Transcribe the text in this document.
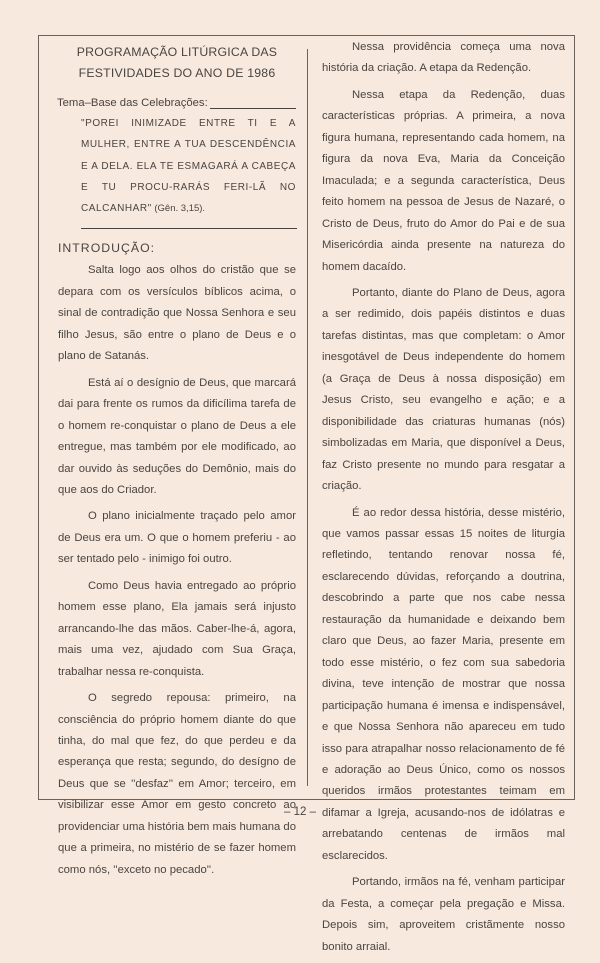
PROGRAMAÇÃO LITÚRGICA DAS
FESTIVIDADES DO ANO DE 1986
Tema–Base das Celebrações:
"POREI INIMIZADE ENTRE TI E A MULHER, ENTRE A TUA DESCENDÊNCIA E A DELA. ELA TE ESMAGARÁ A CABEÇA E TU PROCU-RARÁS FERI-LÃ NO CALCANHAR" (Gên. 3,15).
INTRODUÇÃO:

Salta logo aos olhos do cristão que se depara com os versículos bíblicos acima, o sinal de contradição que Nossa Senhora e seu filho Jesus, são entre o plano de Deus e o plano de Satanás.

Está aí o desígnio de Deus, que marcará dai para frente os rumos da dificílima tarefa de o homem re-conquistar o plano de Deus a ele entregue, mas também por ele modificado, ao dar ouvido às seduções do Demônio, mais do que aos do Criador.

O plano inicialmente traçado pelo amor de Deus era um. O que o homem preferiu - ao ser tentado pelo - inimigo foi outro.

Como Deus havia entregado ao próprio homem esse plano, Ela jamais será injusto arrancando-lhe das mãos. Caber-lhe-á, agora, mais uma vez, ajudado com Sua Graça, trabalhar nessa re-conquista.

O segredo repousa: primeiro, na consciência do próprio homem diante do que tinha, do mal que fez, do que perdeu e da esperança que resta; segundo, do desígno de Deus que se ''desfaz'' em Amor; terceiro, em visibilizar esse Amor em gesto concreto ao providenciar uma história bem mais humana do que a primeira, no mistério de se fazer homem como nós, ''exceto no pecado''.

Nessa providência começa uma nova história da criação. A etapa da Redenção.

Nessa etapa da Redenção, duas características próprias. A primeira, a nova figura humana, representando cada homem, na figura da nova Eva, Maria da Conceição Imaculada; e a segunda característica, Deus feito homem na pessoa de Jesus de Nazaré, o Cristo de Deus, fruto do Amor do Pai e de sua Misericórdia ainda presente na natureza do homem dacaído.

Portanto, diante do Plano de Deus, agora a ser redimido, dois papéis distintos e duas tarefas distintas, mas que completam: o Amor inesgotável de Deus independente do homem (a Graça de Deus à nossa disposição) em Jesus Cristo, seu evangelho e ação; e a disponibilidade das criaturas humanas (nós) simbolizadas em Maria, que disponível a Deus, faz Cristo presente no mundo para resgatar a criação.

É ao redor dessa história, desse mistério, que vamos passar essas 15 noites de liturgia refletindo, tentando renovar nossa fé, esclarecendo dúvidas, reforçando a doutrina, descobrindo a parte que nos cabe nessa restauração da humanidade e deixando bem claro que Deus, ao fazer Maria, presente em todo esse mistério, o fez com sua sabedoria divina, teve intenção de mostrar que nossa participação humana é imensa e indispensável, e que Nossa Senhora não apareceu em tudo isso para atrapalhar nosso relacionamento de fé e adoração ao Deus Único, como os nossos queridos irmãos protestantes teimam em difamar a Igreja, acusando-nos de idólatras e arrebatando centenas de irmãos mal esclarecidos.

Portando, irmãos na fé, venham participar da Festa, a começar pela pregação e Missa. Depois sim, aproveitem cristãmente nosso bonito arraial.

– 12 –
